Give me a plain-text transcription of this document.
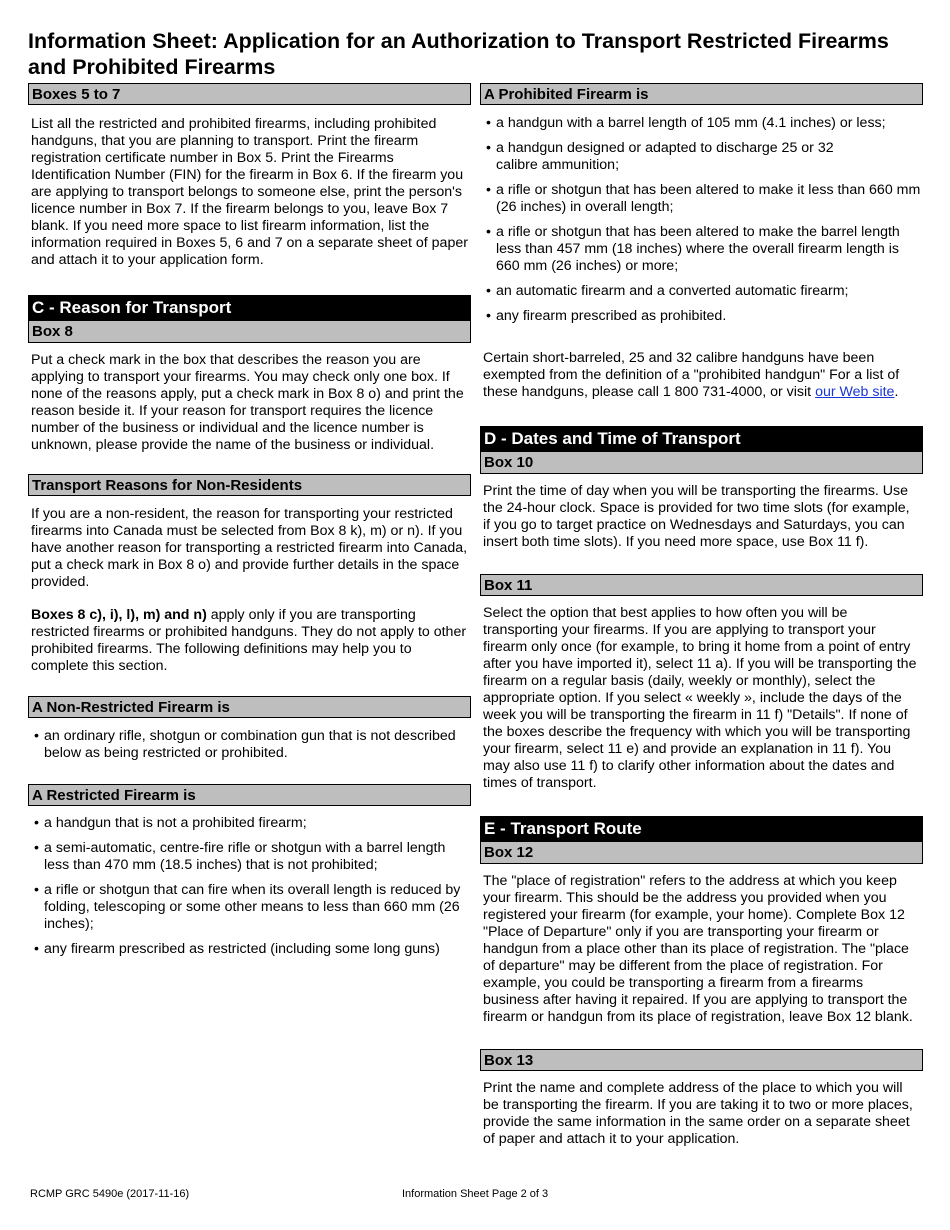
Information Sheet: Application for an Authorization to Transport Restricted Firearms and Prohibited Firearms
Boxes 5 to 7

List all the restricted and prohibited firearms, including prohibited handguns, that you are planning to transport. Print the firearm registration certificate number in Box 5. Print the Firearms Identification Number (FIN) for the firearm in Box 6. If the firearm you are applying to transport belongs to someone else, print the person's licence number in Box 7. If the firearm belongs to you, leave Box 7 blank. If you need more space to list firearm information, list the information required in Boxes 5, 6 and 7 on a separate sheet of paper and attach it to your application form.

C - Reason for Transport
Box 8

Put a check mark in the box that describes the reason you are applying to transport your firearms. You may check only one box. If none of the reasons apply, put a check mark in Box 8 o) and print the reason beside it. If your reason for transport requires the licence number of the business or individual and the licence number is unknown, please provide the name of the business or individual.

Transport Reasons for Non-Residents

If you are a non-resident, the reason for transporting your restricted firearms into Canada must be selected from Box 8 k), m) or n). If you have another reason for transporting a restricted firearm into Canada, put a check mark in Box 8 o) and provide further details in the space provided.

Boxes 8 c), i), l), m) and n) apply only if you are transporting restricted firearms or prohibited handguns. They do not apply to other prohibited firearms. The following definitions may help you to complete this section.

A Non-Restricted Firearm is
• an ordinary rifle, shotgun or combination gun that is not described below as being restricted or prohibited.
A Restricted Firearm is
• a handgun that is not a prohibited firearm;
• a semi-automatic, centre-fire rifle or shotgun with a barrel length less than 470 mm (18.5 inches) that is not prohibited;
• a rifle or shotgun that can fire when its overall length is reduced by folding, telescoping or some other means to less than 660 mm (26 inches);
• any firearm prescribed as restricted (including some long guns)
A Prohibited Firearm is
• a handgun with a barrel length of 105 mm (4.1 inches) or less;
• a handgun designed or adapted to discharge 25 or 32 calibre ammunition;
• a rifle or shotgun that has been altered to make it less than 660 mm (26 inches) in overall length;
• a rifle or shotgun that has been altered to make the barrel length less than 457 mm (18 inches) where the overall firearm length is 660 mm (26 inches) or more;
• an automatic firearm and a converted automatic firearm;
• any firearm prescribed as prohibited.

Certain short-barreled, 25 and 32 calibre handguns have been exempted from the definition of a "prohibited handgun" For a list of these handguns, please call 1 800 731-4000, or visit our Web site.

D - Dates and Time of Transport
Box 10

Print the time of day when you will be transporting the firearms. Use the 24-hour clock. Space is provided for two time slots (for example, if you go to target practice on Wednesdays and Saturdays, you can insert both time slots). If you need more space, use Box 11 f).

Box 11

Select the option that best applies to how often you will be transporting your firearms. If you are applying to transport your firearm only once (for example, to bring it home from a point of entry after you have imported it), select 11 a). If you will be transporting the firearm on a regular basis (daily, weekly or monthly), select the appropriate option. If you select « weekly », include the days of the week you will be transporting the firearm in 11 f) "Details". If none of the boxes describe the frequency with which you will be transporting your firearm, select 11 e) and provide an explanation in 11 f). You may also use 11 f) to clarify other information about the dates and times of transport.

E - Transport Route
Box 12

The "place of registration" refers to the address at which you keep your firearm. This should be the address you provided when you registered your firearm (for example, your home). Complete Box 12 "Place of Departure" only if you are transporting your firearm or handgun from a place other than its place of registration. The "place of departure" may be different from the place of registration. For example, you could be transporting a firearm from a firearms business after having it repaired. If you are applying to transport the firearm or handgun from its place of registration, leave Box 12 blank.

Box 13

Print the name and complete address of the place to which you will be transporting the firearm. If you are taking it to two or more places, provide the same information in the same order on a separate sheet of paper and attach it to your application.

RCMP GRC 5490e (2017-11-16)	Information Sheet Page 2 of 3
